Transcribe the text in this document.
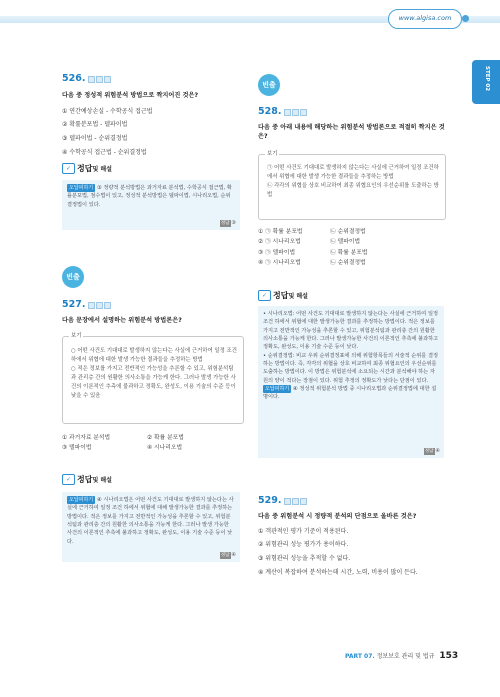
www.algisa.com
STEP 02
526.
다음 중 정성적 위험분석 방법으로 짝지어진 것은?
① 연간예상손실 - 수학공식 접근법
② 확률분포법 - 델파이법
③ 델파이법 - 순위결정법
④ 수학공식 접근법 - 순위결정법
✓ 정답및 해설
오답피하기 ③ 정량적 분석방법은 과거자료 분석법, 수학공식 접근법, 확률분포법, 점수법이 있고, 정성적 분석방법은 델파이법, 시나리오법, 순위결정법이 있다.
정답 ③
빈출
527.
다음 문장에서 설명하는 위험분석 방법론은?
보기
○ 어떤 사건도 기대대로 발생하지 않는다는 사실에 근거하여 일정 조건 하에서 위협에 대한 발생 가능한 결과들을 추정하는 방법
○ 적은 정보를 가지고 전반적인 가능성을 추론할 수 있고, 위험분석팀과 관리층 간의 원활한 의사소통을 가능케 한다. 그러나 발생 가능한 사건의 이론적인 추측에 불과하고 정확도, 완성도, 이용 기술의 수준 등이 낮을 수 있음
① 과거자료 분석법	② 확률 분포법
③ 델파이법	④ 시나리오법
✓ 정답및 해설
오답피하기 ④ 시나리오법은 어떤 사건도 기대대로 발생하지 않는다는 사실에 근거하여 일정 조건 하에서 위협에 대해 발생가능한 결과를 추정하는 방법이다. 적은 정보를 가지고 전반적인 가능성을 추론할 수 있고, 위험분석팀과 관리층 간의 원활한 의사소통을 가능케 한다. 그러나 발생 가능한 사건의 이론적인 추측에 불과하고 정확도, 완성도, 이용 기술 수준 등이 낮다.
정답 ④
빈출
528.
다음 중 아래 내용에 해당하는 위험분석 방법론으로 적절히 짝지은 것은?
보기
㉠ 어떤 사건도 기대대로 발생하지 않는다는 사실에 근거하여 일정 조건하에서 위협에 대한 발생 가능한 결과들을 추정하는 방법
㉡ 각각의 위협을 상호 비교하여 최종 위협요인의 우선순위를 도출하는 방법
① ㉠ 확률 분포법	㉡ 순위결정법
② ㉠ 시나리오법	㉡ 델파이법
③ ㉠ 델파이법	㉡ 확률 분포법
④ ㉠ 시나리오법	㉡ 순위결정법
✓ 정답및 해설
• 시나리오법: 어떤 사건도 기대대로 발생하지 않는다는 사실에 근거하여 일정조건 하에서 위협에 대한 발생가능한 결과를 추정하는 방법이다. 적은 정보를 가지고 전반적인 가능성을 추론할 수 있고, 위험분석팀과 관리층 간의 원활한 의사소통을 가능케 한다. 그러나 발생가능한 사건의 이론적인 추측에 불과하고 정확도, 완성도, 이용 기술 수준 등이 낮다.
• 순위결정법: 비교 우위 순위결정표에 의해 위험항목들의 서술적 순위를 결정하는 방법이다. 즉, 각각의 위협을 상호 비교하여 최종 위협요인의 우선순위를 도출하는 방법이다. 이 방법은 위험분석에 소요되는 시간과 분석해야 하는 자원의 양이 적다는 장점이 있다. 위험 추정의 정확도가 낮다는 단점이 있다.
오답피하기 ④ 정성적 위험분석 방법 중 시나리오법과 순위결정법에 대한 설명이다.
정답 ④
529.
다음 중 위험분석 시 정량적 분석의 단점으로 올바른 것은?
① 객관적인 평가 기준이 적용된다.
② 위험관리 성능 평가가 용이하다.
③ 위험관리 성능을 추적할 수 없다.
④ 계산이 복잡하여 분석하는데 시간, 노력, 비용이 많이 든다.
PART 07. 정보보호 관리 및 법규 153
